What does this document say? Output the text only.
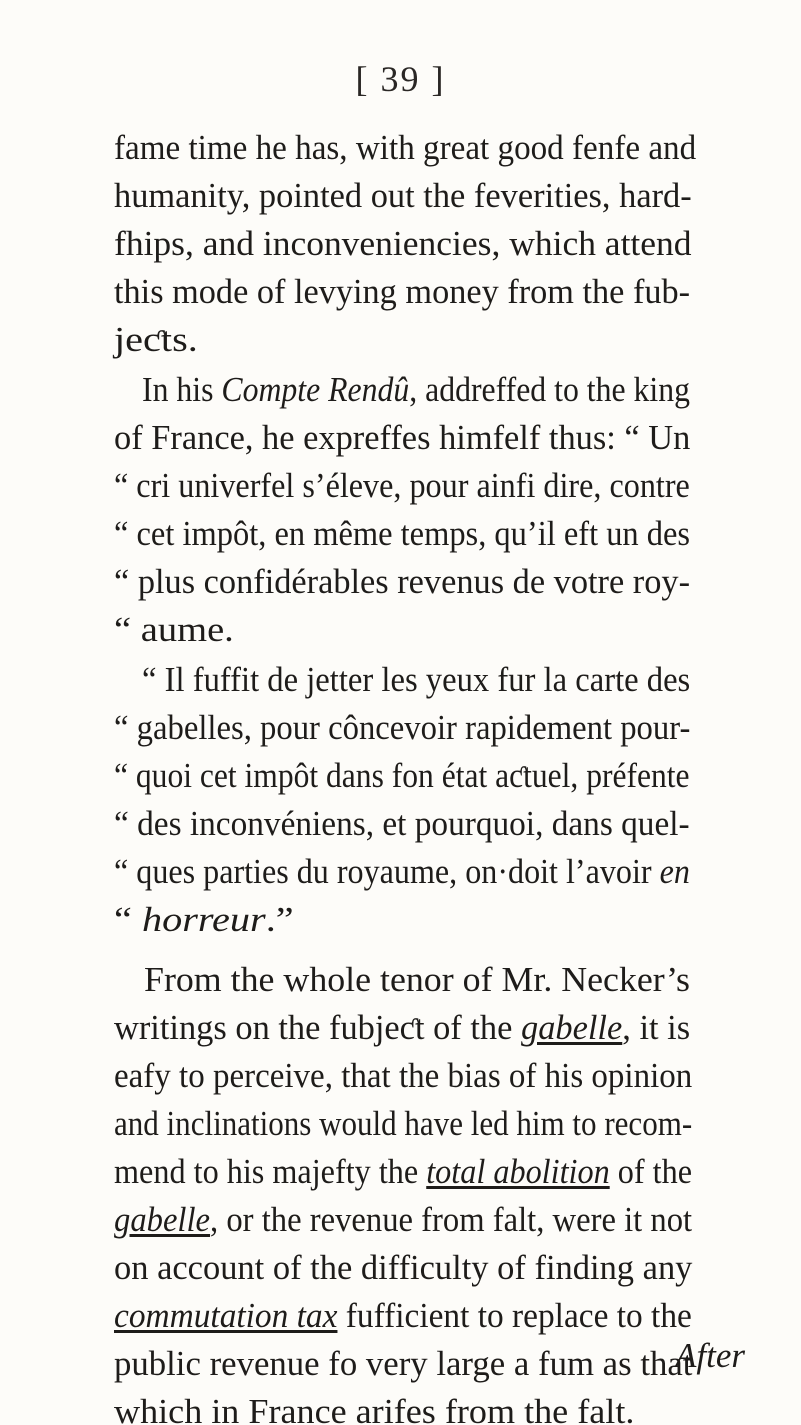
[ 39 ]
fame time he has, with great good fenfe and
humanity, pointed out the feverities, hard-
fhips, and inconveniencies, which attend
this mode of levying money from the fub-
jeƈts.
In his Compte Rendû, addreffed to the king
of France, he expreffes himfelf thus: “ Un
“ cri univerfel s’éleve, pour ainfi dire, contre
“ cet impôt, en même temps, qu’il eft un des
“ plus confidérables revenus de votre roy-
“ aume.
“ Il fuffit de jetter les yeux fur la carte des
“ gabelles, pour côncevoir rapidement pour-
“ quoi cet impôt dans fon état aƈtuel, préfente
“ des inconvéniens, et pourquoi, dans quel-
“ ques parties du royaume, on·doit l’avoir en
“ horreur.”
From the whole tenor of Mr. Necker’s
writings on the fubjeƈt of the gabelle, it is
eafy to perceive, that the bias of his opinion
and inclinations would have led him to recom-
mend to his majefty the total abolition of the
gabelle, or the revenue from falt, were it not
on account of the difficulty of finding any
commutation tax fufficient to replace to the
public revenue fo very large a fum as that
which in France arifes from the falt.
After
